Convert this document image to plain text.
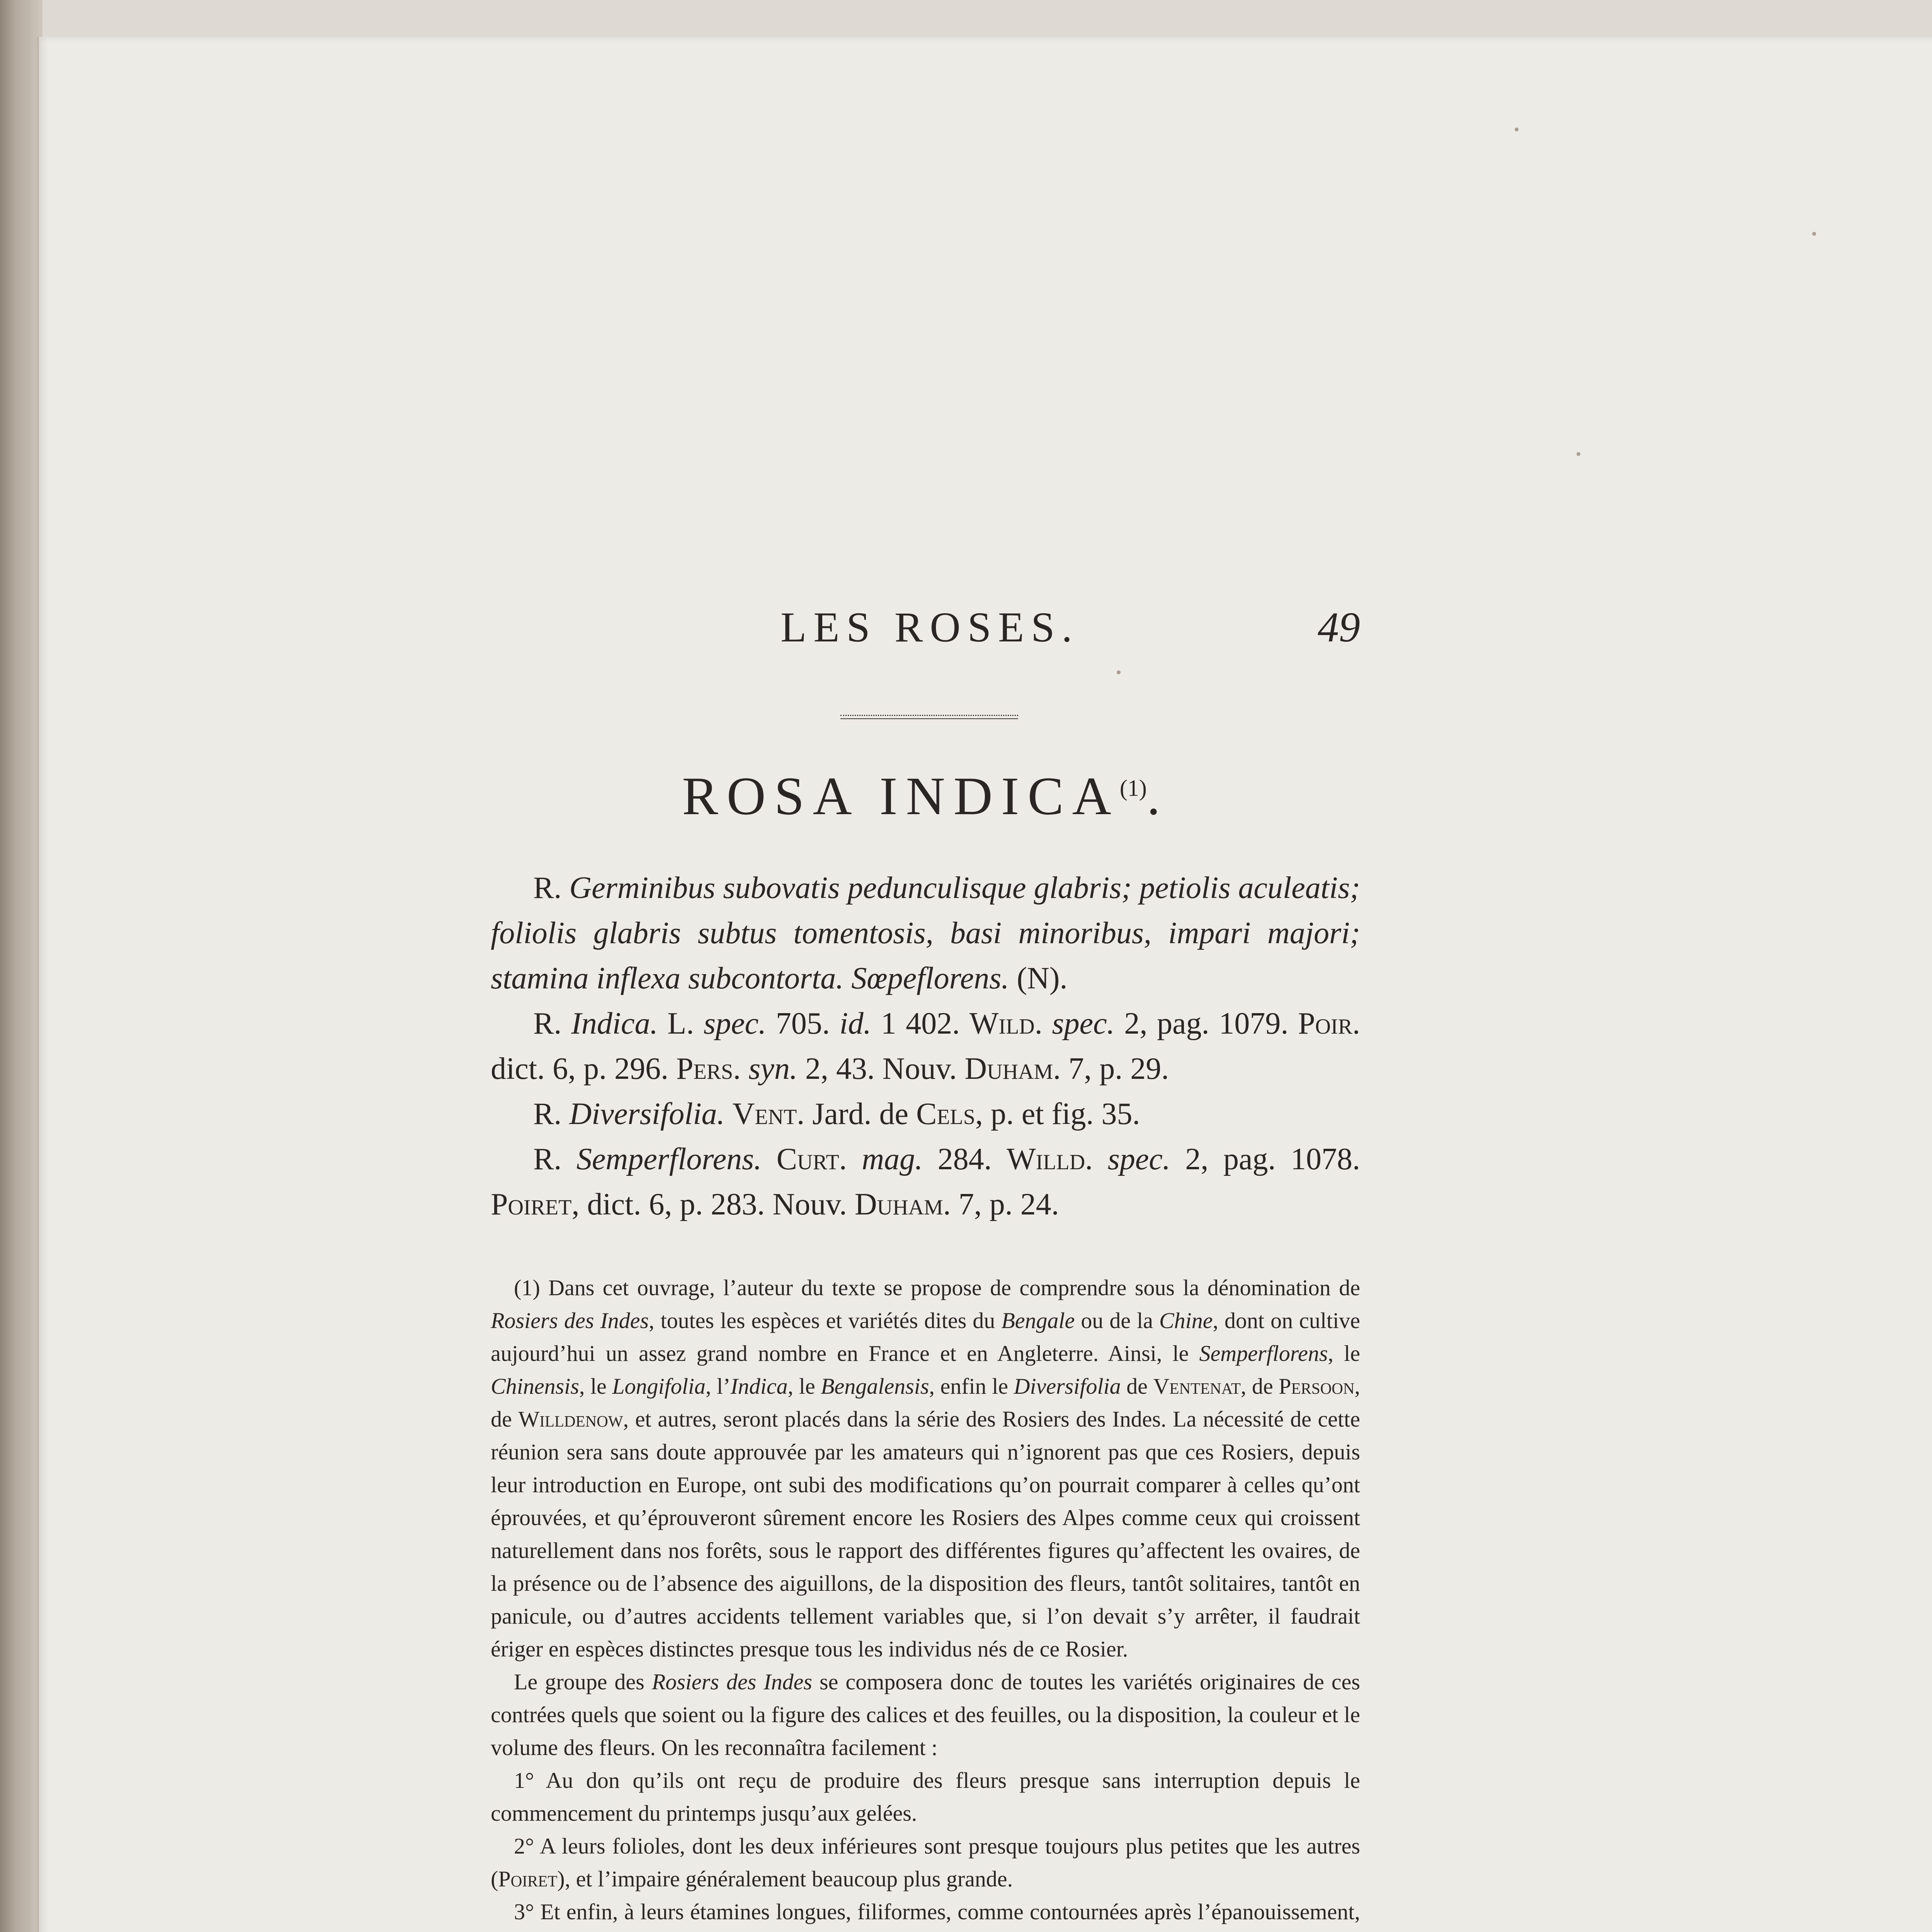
LES ROSES.	49
ROSA INDICA$^{(1)}$.

R. Germinibus subovatis pedunculisque glabris; petiolis aculeatis; foliolis glabris subtus tomentosis, basi minoribus, impari majori; stamina inflexa subcontorta. Sœpeflorens. (N).

R. Indica. L. spec. 705. id. 1 402. Wild. spec. 2, pag. 1079. Poir. dict. 6, p. 296. Pers. syn. 2, 43. Nouv. Duham. 7, p. 29.

R. Diversifolia. Vent. Jard. de Cels, p. et fig. 35.

R. Semperflorens. Curt. mag. 284. Willd. spec. 2, pag. 1078. Poiret, dict. 6, p. 283. Nouv. Duham. 7, p. 24.

(1) Dans cet ouvrage, l’auteur du texte se propose de comprendre sous la dénomination de Rosiers des Indes, toutes les espèces et variétés dites du Bengale ou de la Chine, dont on cultive aujourd’hui un assez grand nombre en France et en Angleterre. Ainsi, le Semperflorens, le Chinensis, le Longifolia, l’Indica, le Bengalensis, enfin le Diversifolia de Ventenat, de Persoon, de Willdenow, et autres, seront placés dans la série des Rosiers des Indes. La nécessité de cette réunion sera sans doute approuvée par les amateurs qui n’ignorent pas que ces Rosiers, depuis leur introduction en Europe, ont subi des modifications qu’on pourrait comparer à celles qu’ont éprouvées, et qu’éprouveront sûrement encore les Rosiers des Alpes comme ceux qui croissent naturellement dans nos forêts, sous le rapport des différentes figures qu’affectent les ovaires, de la présence ou de l’absence des aiguillons, de la disposition des fleurs, tantôt solitaires, tantôt en panicule, ou d’autres accidents tellement variables que, si l’on devait s’y arrêter, il faudrait ériger en espèces distinctes presque tous les individus nés de ce Rosier.

Le groupe des Rosiers des Indes se composera donc de toutes les variétés originaires de ces contrées quels que soient ou la figure des calices et des feuilles, ou la disposition, la couleur et le volume des fleurs. On les reconnaîtra facilement :

1° Au don qu’ils ont reçu de produire des fleurs presque sans interruption depuis le commencement du printemps jusqu’aux gelées.

2° A leurs folioles, dont les deux inférieures sont presque toujours plus petites que les autres (Poiret), et l’impaire généralement beaucoup plus grande.

3° Et enfin, à leurs étamines longues, filiformes, comme contournées après l’épanouissement,
